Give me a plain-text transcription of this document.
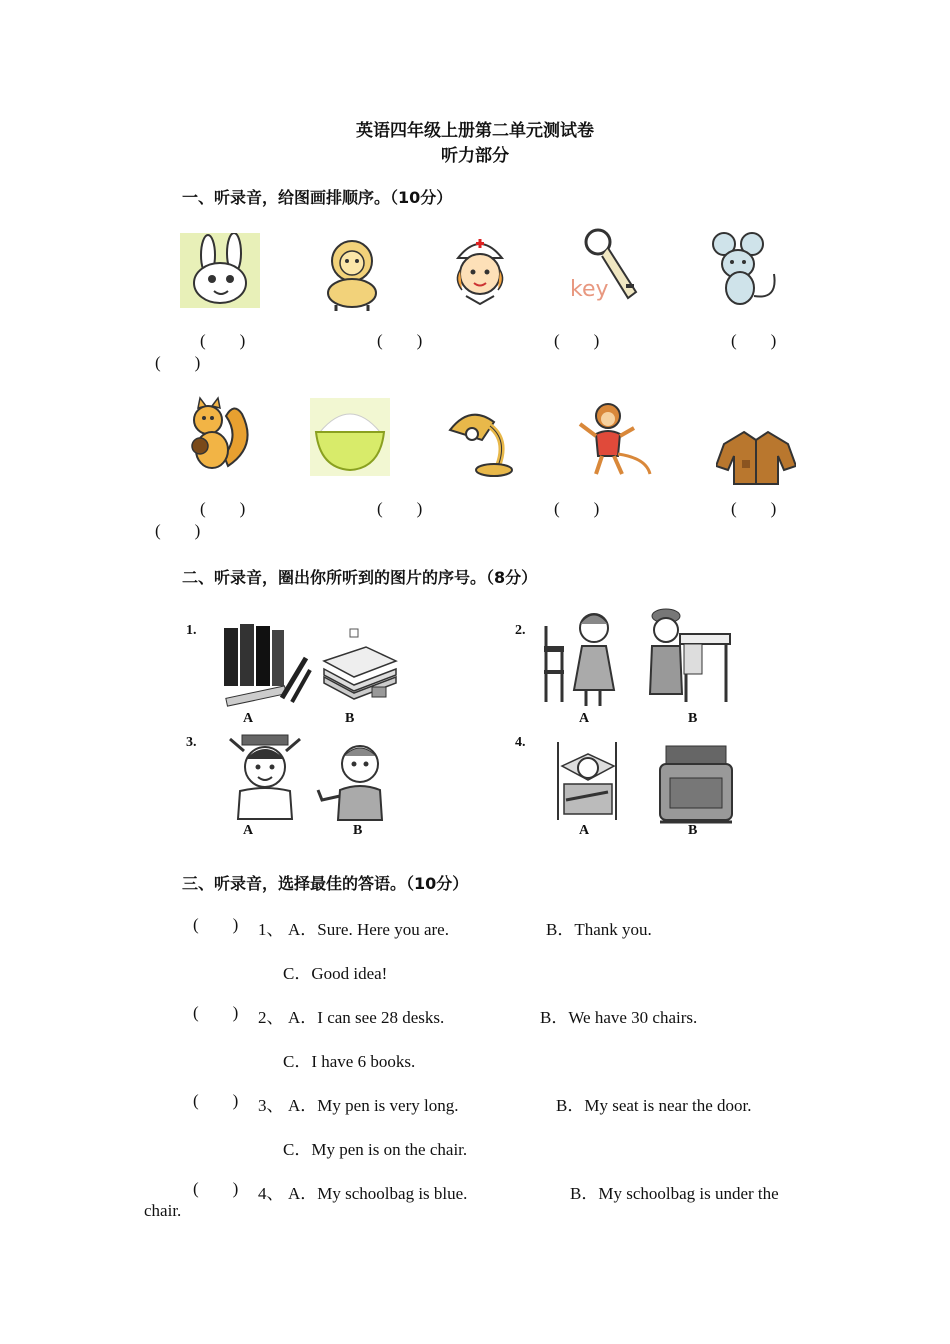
英语四年级上册第二单元测试卷
听力部分
一、听录音，给图画排顺序。（10分）
key
(        )	(        )	(        )	(        )
(        )
(        )	(        )	(        )	(        )
(        )
二、听录音，圈出你所听到的图片的序号。（8分）
1.
A	B
2.
A	B
3.
A	B
4.
A	B
三、听录音，选择最佳的答语。（10分）
(        ) 1、 A．Sure. Here you are.	B．Thank you.
C．Good idea!
(        ) 2、 A．I can see 28 desks.	B．We have 30 chairs.
C．I have 6 books.
(        ) 3、 A．My pen is very long.	B．My seat is near the door.
C．My pen is on the chair.
(        ) 4、 A．My schoolbag is blue.	B．My schoolbag is under the
chair.
